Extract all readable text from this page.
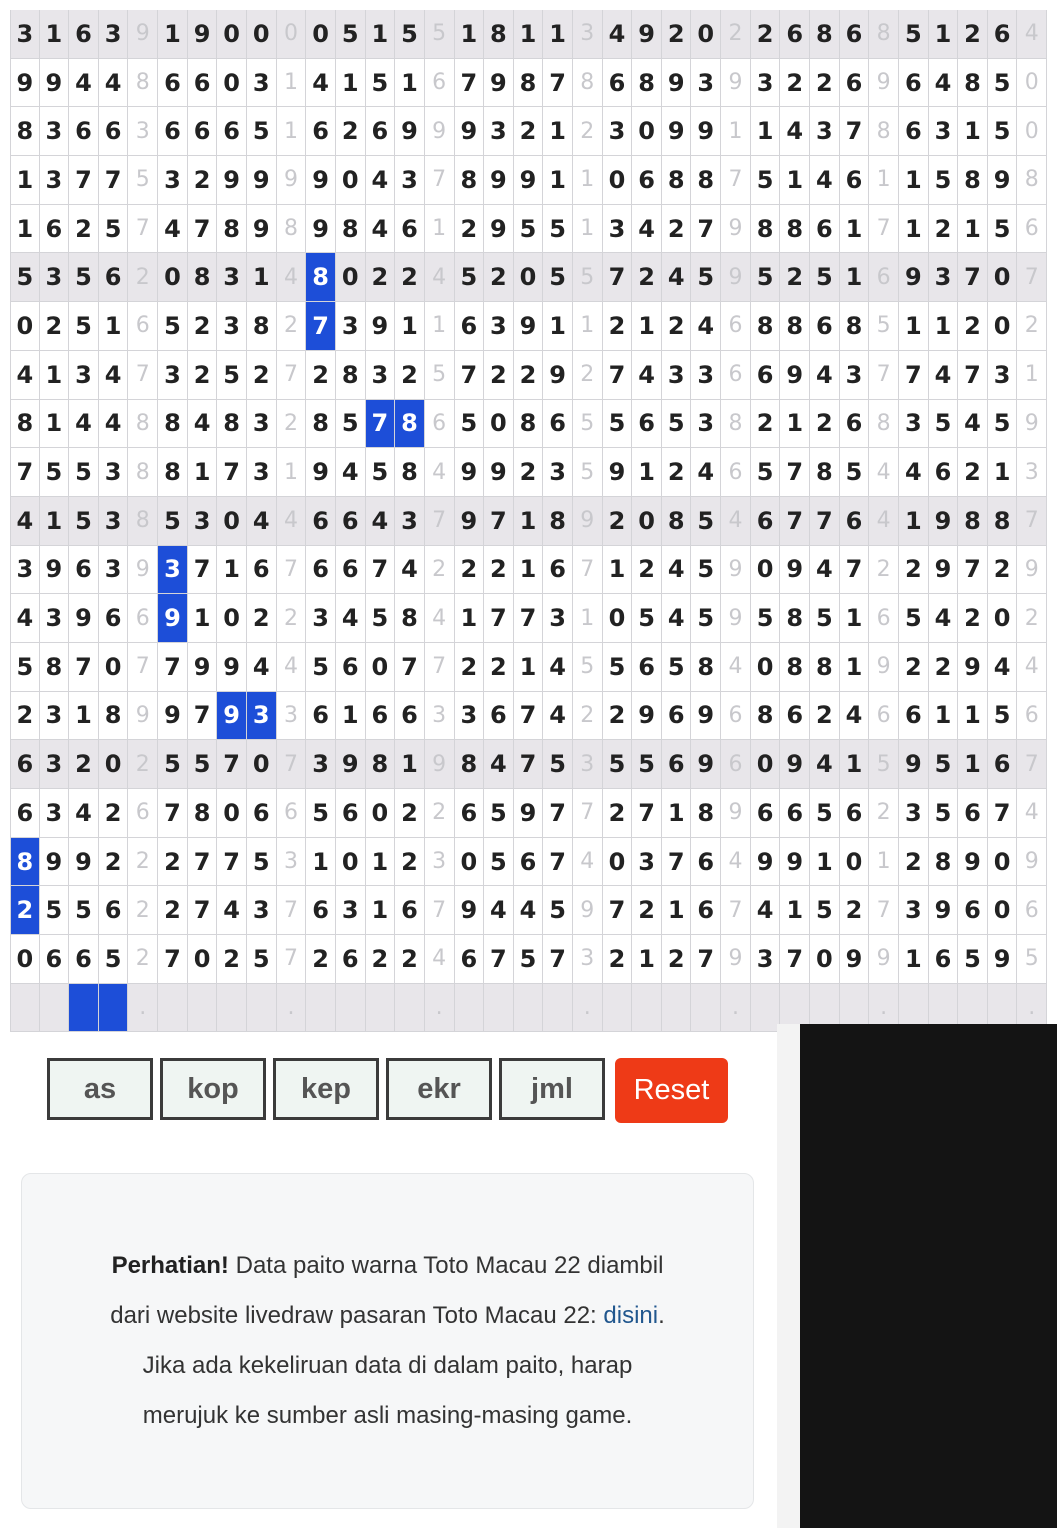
3 1 6 3 9 1 9 0 0 0 0 5 1 5 5 1 8 1 1 3 4 9 2 0 2 2 6 8 6 8 5 1 2 6 4
9 9 4 4 8 6 6 0 3 1 4 1 5 1 6 7 9 8 7 8 6 8 9 3 9 3 2 2 6 9 6 4 8 5 0
8 3 6 6 3 6 6 6 5 1 6 2 6 9 9 9 3 2 1 2 3 0 9 9 1 1 4 3 7 8 6 3 1 5 0
1 3 7 7 5 3 2 9 9 9 9 0 4 3 7 8 9 9 1 1 0 6 8 8 7 5 1 4 6 1 1 5 8 9 8
1 6 2 5 7 4 7 8 9 8 9 8 4 6 1 2 9 5 5 1 3 4 2 7 9 8 8 6 1 7 1 2 1 5 6
5 3 5 6 2 0 8 3 1 4 8 0 2 2 4 5 2 0 5 5 7 2 4 5 9 5 2 5 1 6 9 3 7 0 7
0 2 5 1 6 5 2 3 8 2 7 3 9 1 1 6 3 9 1 1 2 1 2 4 6 8 8 6 8 5 1 1 2 0 2
4 1 3 4 7 3 2 5 2 7 2 8 3 2 5 7 2 2 9 2 7 4 3 3 6 6 9 4 3 7 7 4 7 3 1
8 1 4 4 8 8 4 8 3 2 8 5 7 8 6 5 0 8 6 5 5 6 5 3 8 2 1 2 6 8 3 5 4 5 9
7 5 5 3 8 8 1 7 3 1 9 4 5 8 4 9 9 2 3 5 9 1 2 4 6 5 7 8 5 4 4 6 2 1 3
4 1 5 3 8 5 3 0 4 4 6 6 4 3 7 9 7 1 8 9 2 0 8 5 4 6 7 7 6 4 1 9 8 8 7
3 9 6 3 9 3 7 1 6 7 6 6 7 4 2 2 2 1 6 7 1 2 4 5 9 0 9 4 7 2 2 9 7 2 9
4 3 9 6 6 9 1 0 2 2 3 4 5 8 4 1 7 7 3 1 0 5 4 5 9 5 8 5 1 6 5 4 2 0 2
5 8 7 0 7 7 9 9 4 4 5 6 0 7 7 2 2 1 4 5 5 6 5 8 4 0 8 8 1 9 2 2 9 4 4
2 3 1 8 9 9 7 9 3 3 6 1 6 6 3 3 6 7 4 2 2 9 6 9 6 8 6 2 4 6 6 1 1 5 6
6 3 2 0 2 5 5 7 0 7 3 9 8 1 9 8 4 7 5 3 5 5 6 9 6 0 9 4 1 5 9 5 1 6 7
6 3 4 2 6 7 8 0 6 6 5 6 0 2 2 6 5 9 7 7 2 7 1 8 9 6 6 5 6 2 3 5 6 7 4
8 9 9 2 2 2 7 7 5 3 1 0 1 2 3 0 5 6 7 4 0 3 7 6 4 9 9 1 0 1 2 8 9 0 9
2 5 5 6 2 2 7 4 3 7 6 3 1 6 7 9 4 4 5 9 7 2 1 6 7 4 1 5 2 7 3 9 6 0 6
0 6 6 5 2 7 0 2 5 7 2 6 2 2 4 6 7 5 7 3 2 1 2 7 9 3 7 0 9 9 1 6 5 9 5
.	.	.	.	.	.	.
as	kop	kep	ekr	jml	Reset
Perhatian! Data paito warna Toto Macau 22 diambil
dari website livedraw pasaran Toto Macau 22: disini.
Jika ada kekeliruan data di dalam paito, harap
merujuk ke sumber asli masing-masing game.
